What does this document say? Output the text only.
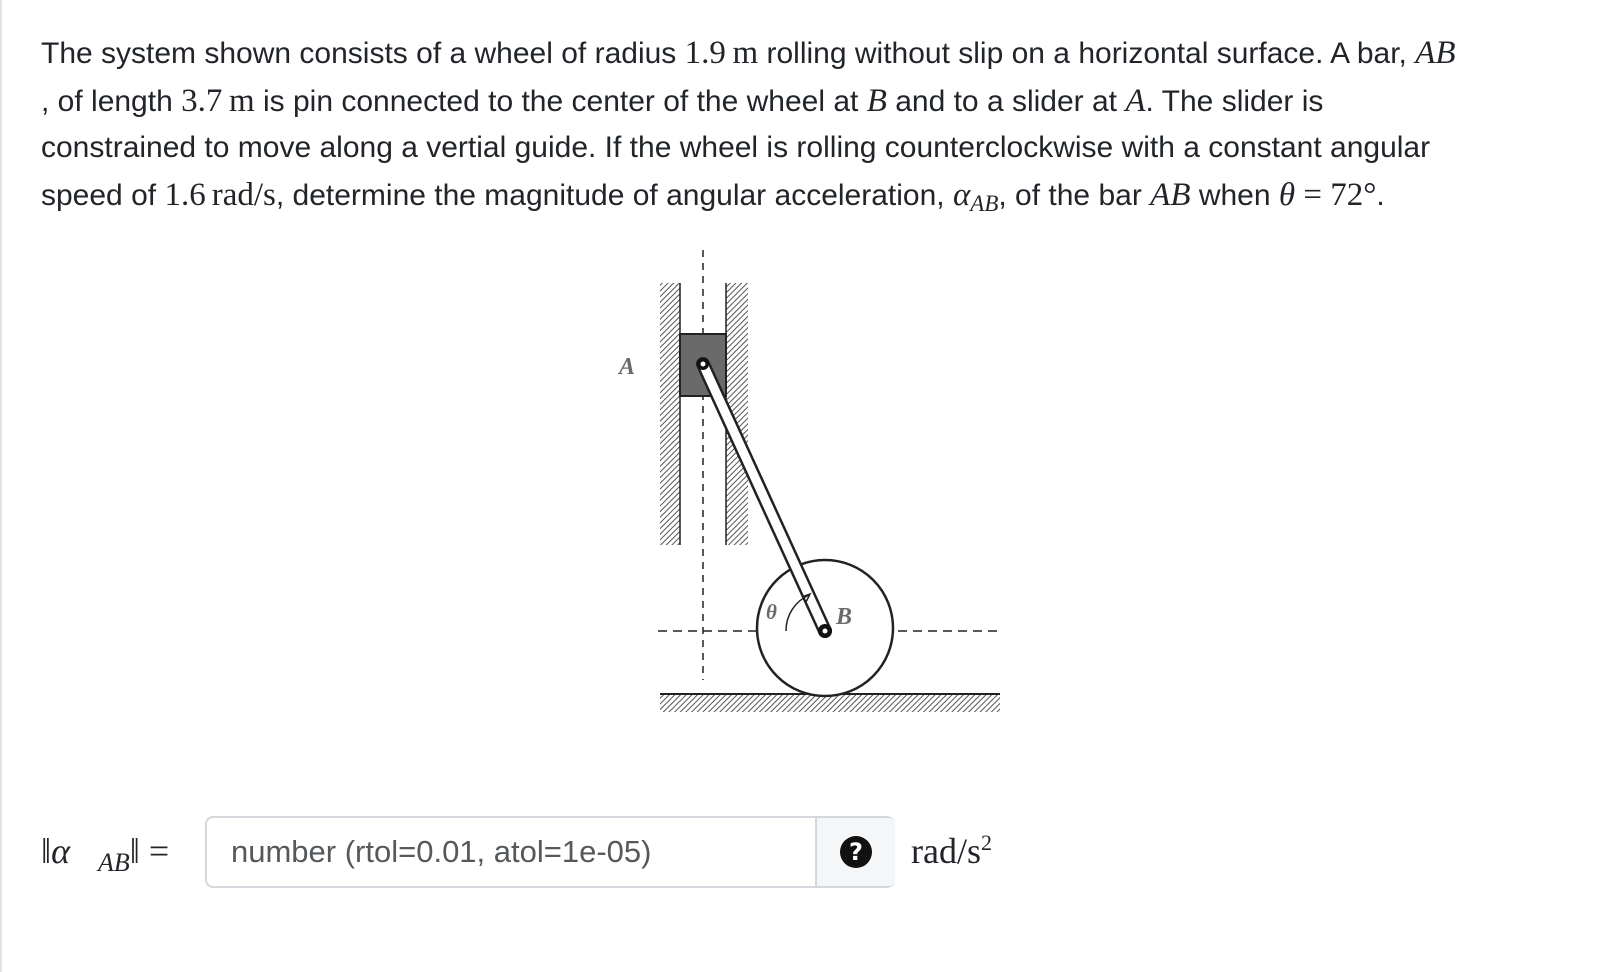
The system shown consists of a wheel of radius 1.9  m rolling without slip on a horizontal surface. A bar, AB
, of length 3.7  m is pin connected to the center of the wheel at B and to a slider at A. The slider is
constrained to move along a vertial guide. If the wheel is rolling counterclockwise with a constant angular
speed of 1.6  rad/s, determine the magnitude of angular acceleration, $\alpha_{AB}$, of the bar AB when θ = 72°.
A
B
θ
$‖\alpha⃗_{AB}‖$ =
number (rtol=0.01, atol=1e-05)	? rad/$s^2$
